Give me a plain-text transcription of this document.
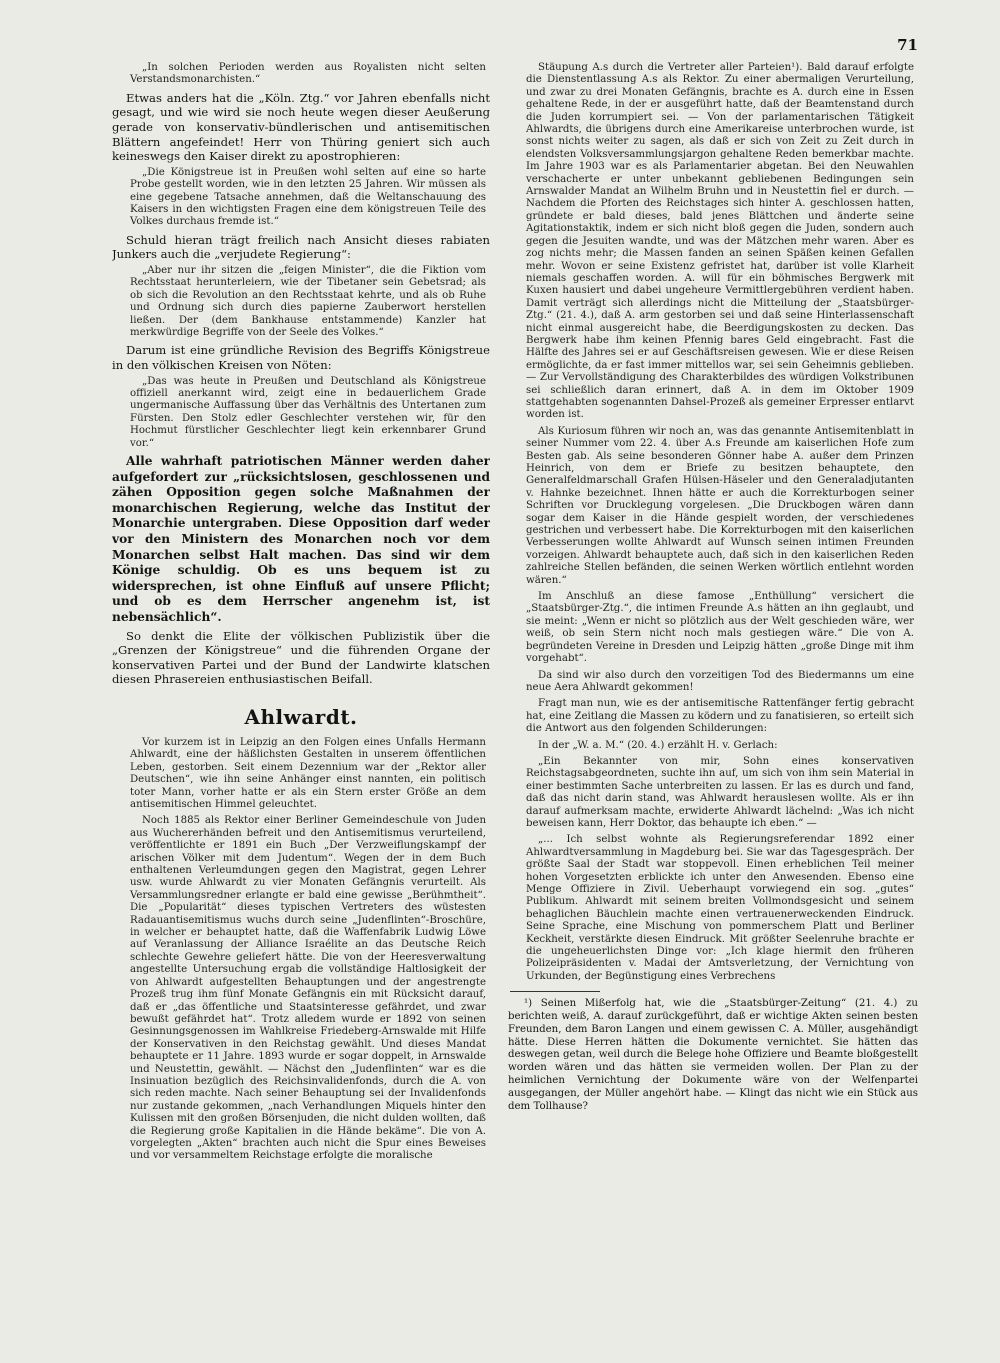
71

„In solchen Perioden werden aus Royalisten nicht selten Verstandsmonarchisten.“

Etwas anders hat die „Köln. Ztg.“ vor Jahren ebenfalls nicht gesagt, und wie wird sie noch heute wegen dieser Aeußerung gerade von konservativ-bündlerischen und antisemitischen Blättern angefeindet! Herr von Thüring geniert sich auch keineswegs den Kaiser direkt zu apostrophieren:

„Die Königstreue ist in Preußen wohl selten auf eine so harte Probe gestellt worden, wie in den letzten 25 Jahren. Wir müssen als eine gegebene Tatsache annehmen, daß die Weltanschauung des Kaisers in den wichtigsten Fragen eine dem königstreuen Teile des Volkes durchaus fremde ist.“

Schuld hieran trägt freilich nach Ansicht dieses rabiaten Junkers auch die „verjudete Regierung“:

„Aber nur ihr sitzen die „feigen Minister“, die die Fiktion vom Rechtsstaat herunterleiern, wie der Tibetaner sein Gebetsrad; als ob sich die Revolution an den Rechtsstaat kehrte, und als ob Ruhe und Ordnung sich durch dies papierne Zauberwort herstellen ließen. Der (dem Bankhause entstammende) Kanzler hat merkwürdige Begriffe von der Seele des Volkes.“

Darum ist eine gründliche Revision des Begriffs Königstreue in den völkischen Kreisen von Nöten:

„Das was heute in Preußen und Deutschland als Königstreue offiziell anerkannt wird, zeigt eine in bedauerlichem Grade ungermanische Auffassung über das Verhältnis des Untertanen zum Fürsten. Den Stolz edler Geschlechter verstehen wir, für den Hochmut fürstlicher Geschlechter liegt kein erkennbarer Grund vor.“

Alle wahrhaft patriotischen Männer werden daher aufgefordert zur „rücksichtslosen, geschlossenen und zähen Opposition gegen solche Maßnahmen der monarchischen Regierung, welche das Institut der Monarchie untergraben. Diese Opposition darf weder vor den Ministern des Monarchen noch vor dem Monarchen selbst Halt machen. Das sind wir dem Könige schuldig. Ob es uns bequem ist zu widersprechen, ist ohne Einfluß auf unsere Pflicht; und ob es dem Herrscher angenehm ist, ist nebensächlich“.

So denkt die Elite der völkischen Publizistik über die „Grenzen der Königstreue“ und die führenden Organe der konservativen Partei und der Bund der Landwirte klatschen diesen Phrasereien enthusiastischen Beifall.

Ahlwardt.

Vor kurzem ist in Leipzig an den Folgen eines Unfalls Hermann Ahlwardt, eine der häßlichsten Gestalten in unserem öffentlichen Leben, gestorben. Seit einem Dezennium war der „Rektor aller Deutschen“, wie ihn seine Anhänger einst nannten, ein politisch toter Mann, vorher hatte er als ein Stern erster Größe an dem antisemitischen Himmel geleuchtet.

Noch 1885 als Rektor einer Berliner Gemeindeschule von Juden aus Wuchererhänden befreit und den Antisemitismus verurteilend, veröffentlichte er 1891 ein Buch „Der Verzweiflungskampf der arischen Völker mit dem Judentum“. Wegen der in dem Buch enthaltenen Verleumdungen gegen den Magistrat, gegen Lehrer usw. wurde Ahlwardt zu vier Monaten Gefängnis verurteilt. Als Versammlungsredner erlangte er bald eine gewisse „Berühmtheit“. Die „Popularität“ dieses typischen Vertreters des wüstesten Radauantisemitismus wuchs durch seine „Judenflinten“-Broschüre, in welcher er behauptet hatte, daß die Waffenfabrik Ludwig Löwe auf Veranlassung der Alliance Israélite an das Deutsche Reich schlechte Gewehre geliefert hätte. Die von der Heeresverwaltung angestellte Untersuchung ergab die vollständige Haltlosigkeit der von Ahlwardt aufgestellten Behauptungen und der angestrengte Prozeß trug ihm fünf Monate Gefängnis ein mit Rücksicht darauf, daß er „das öffentliche und Staatsinteresse gefährdet, und zwar bewußt gefährdet hat“. Trotz alledem wurde er 1892 von seinen Gesinnungsgenossen im Wahlkreise Friedeberg-Arnswalde mit Hilfe der Konservativen in den Reichstag gewählt. Und dieses Mandat behauptete er 11 Jahre. 1893 wurde er sogar doppelt, in Arnswalde und Neustettin, gewählt. — Nächst den „Judenflinten“ war es die Insinuation bezüglich des Reichsinvalidenfonds, durch die A. von sich reden machte. Nach seiner Behauptung sei der Invalidenfonds nur zustande gekommen, „nach Verhandlungen Miquels hinter den Kulissen mit den großen Börsenjuden, die nicht dulden wollten, daß die Regierung große Kapitalien in die Hände bekäme“. Die von A. vorgelegten „Akten“ brachten auch nicht die Spur eines Beweises und vor versammeltem Reichstage erfolgte die moralische

Stäupung A.s durch die Vertreter aller Parteien¹). Bald darauf erfolgte die Dienstentlassung A.s als Rektor. Zu einer abermaligen Verurteilung, und zwar zu drei Monaten Gefängnis, brachte es A. durch eine in Essen gehaltene Rede, in der er ausgeführt hatte, daß der Beamtenstand durch die Juden korrumpiert sei. — Von der parlamentarischen Tätigkeit Ahlwardts, die übrigens durch eine Amerikareise unterbrochen wurde, ist sonst nichts weiter zu sagen, als daß er sich von Zeit zu Zeit durch in elendsten Volksversammlungsjargon gehaltene Reden bemerkbar machte. Im Jahre 1903 war es als Parlamentarier abgetan. Bei den Neuwahlen verschacherte er unter unbekannt gebliebenen Bedingungen sein Arnswalder Mandat an Wilhelm Bruhn und in Neustettin fiel er durch. — Nachdem die Pforten des Reichstages sich hinter A. geschlossen hatten, gründete er bald dieses, bald jenes Blättchen und änderte seine Agitationstaktik, indem er sich nicht bloß gegen die Juden, sondern auch gegen die Jesuiten wandte, und was der Mätzchen mehr waren. Aber es zog nichts mehr; die Massen fanden an seinen Späßen keinen Gefallen mehr. Wovon er seine Existenz gefristet hat, darüber ist volle Klarheit niemals geschaffen worden. A. will für ein böhmisches Bergwerk mit Kuxen hausiert und dabei ungeheure Vermittlergebühren verdient haben. Damit verträgt sich allerdings nicht die Mitteilung der „Staatsbürger-Ztg.“ (21. 4.), daß A. arm gestorben sei und daß seine Hinterlassenschaft nicht einmal ausgereicht habe, die Beerdigungskosten zu decken. Das Bergwerk habe ihm keinen Pfennig bares Geld eingebracht. Fast die Hälfte des Jahres sei er auf Geschäftsreisen gewesen. Wie er diese Reisen ermöglichte, da er fast immer mittellos war, sei sein Geheimnis geblieben. — Zur Vervollständigung des Charakterbildes des würdigen Volkstribunen sei schließlich daran erinnert, daß A. in dem im Oktober 1909 stattgehabten sogenannten Dahsel-Prozeß als gemeiner Erpresser entlarvt worden ist.

Als Kuriosum führen wir noch an, was das genannte Antisemitenblatt in seiner Nummer vom 22. 4. über A.s Freunde am kaiserlichen Hofe zum Besten gab. Als seine besonderen Gönner habe A. außer dem Prinzen Heinrich, von dem er Briefe zu besitzen behauptete, den Generalfeldmarschall Grafen Hülsen-Häseler und den Generaladjutanten v. Hahnke bezeichnet. Ihnen hätte er auch die Korrekturbogen seiner Schriften vor Drucklegung vorgelesen. „Die Druckbogen wären dann sogar dem Kaiser in die Hände gespielt worden, der verschiedenes gestrichen und verbessert habe. Die Korrekturbogen mit den kaiserlichen Verbesserungen wollte Ahlwardt auf Wunsch seinen intimen Freunden vorzeigen. Ahlwardt behauptete auch, daß sich in den kaiserlichen Reden zahlreiche Stellen befänden, die seinen Werken wörtlich entlehnt worden wären.“

Im Anschluß an diese famose „Enthüllung“ versichert die „Staatsbürger-Ztg.“, die intimen Freunde A.s hätten an ihn geglaubt, und sie meint: „Wenn er nicht so plötzlich aus der Welt geschieden wäre, wer weiß, ob sein Stern nicht noch mals gestiegen wäre.“ Die von A. begründeten Vereine in Dresden und Leipzig hätten „große Dinge mit ihm vorgehabt“.

Da sind wir also durch den vorzeitigen Tod des Biedermanns um eine neue Aera Ahlwardt gekommen!

Fragt man nun, wie es der antisemitische Rattenfänger fertig gebracht hat, eine Zeitlang die Massen zu ködern und zu fanatisieren, so erteilt sich die Antwort aus den folgenden Schilderungen:

In der „W. a. M.“ (20. 4.) erzählt H. v. Gerlach:

„Ein Bekannter von mir, Sohn eines konservativen Reichstagsabgeordneten, suchte ihn auf, um sich von ihm sein Material in einer bestimmten Sache unterbreiten zu lassen. Er las es durch und fand, daß das nicht darin stand, was Ahlwardt herauslesen wollte. Als er ihn darauf aufmerksam machte, erwiderte Ahlwardt lächelnd: „Was ich nicht beweisen kann, Herr Doktor, das behaupte ich eben.“ —

„... Ich selbst wohnte als Regierungsreferendar 1892 einer Ahlwardtversammlung in Magdeburg bei. Sie war das Tagesgespräch. Der größte Saal der Stadt war stoppevoll. Einen erheblichen Teil meiner hohen Vorgesetzten erblickte ich unter den Anwesenden. Ebenso eine Menge Offiziere in Zivil. Ueberhaupt vorwiegend ein sog. „gutes“ Publikum. Ahlwardt mit seinem breiten Vollmondsgesicht und seinem behaglichen Bäuchlein machte einen vertrauenerweckenden Eindruck. Seine Sprache, eine Mischung von pommerschem Platt und Berliner Keckheit, verstärkte diesen Eindruck. Mit größter Seelenruhe brachte er die ungeheuerlichsten Dinge vor: „Ich klage hiermit den früheren Polizeipräsidenten v. Madai der Amtsverletzung, der Vernichtung von Urkunden, der Begünstigung eines Verbrechens

¹) Seinen Mißerfolg hat, wie die „Staatsbürger-Zeitung“ (21. 4.) zu berichten weiß, A. darauf zurückgeführt, daß er wichtige Akten seinen besten Freunden, dem Baron Langen und einem gewissen C. A. Müller, ausgehändigt hätte. Diese Herren hätten die Dokumente vernichtet. Sie hätten das deswegen getan, weil durch die Belege hohe Offiziere und Beamte bloßgestellt worden wären und das hätten sie vermeiden wollen. Der Plan zu der heimlichen Vernichtung der Dokumente wäre von der Welfenpartei ausgegangen, der Müller angehört habe. — Klingt das nicht wie ein Stück aus dem Tollhause?
